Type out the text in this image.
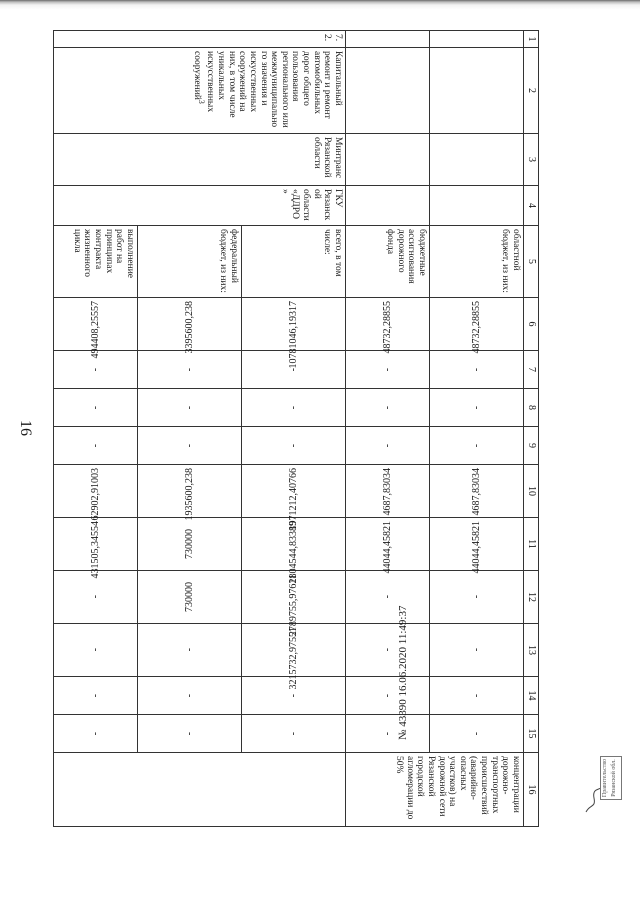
16
1	2	3	4	5	6	7	8	9	10	11	12	13	14	15	16
				областной бюджет, из них:	48732,28855	-	-	-	4687,83034	44044,45821	-	-	-	-	концентрации дорожно-транспортных происшествий (аварийно-опасных участков) на дорожной сети Рязанской городской агломерации до 50%
				бюджетные ассигнования дорожного фонда	48732,28855	-	-	-	4687,83034	44044,45821	-	-	-	-	
7.2.	Капитальный ремонт и ремонт автомобильных дорог общего пользования регионального или межмуниципального значения и искусственных сооружений на них, в том числе уникальных искусственных сооружений$^3$	Минтранс Рязанской области	ГКУ Рязанской области «ДДРО»	всего, в том числе:	10781046,19317	-	-	-	1971212,40766	2804544,83389	2789755,97611	3215732,97551	-	-	
				федеральный бюджет, из них:	3395600,238	-	-	-	1935600,238	730000	730000	-	-	-	
				выполнение работ на принципах контракта жизненного цикла	494408,25557	-	-	-	62902,91003	431505,34554	-	-	-	-		№ 43390 16.06.2020 11:49:37
Правительство Рязанской обл.
